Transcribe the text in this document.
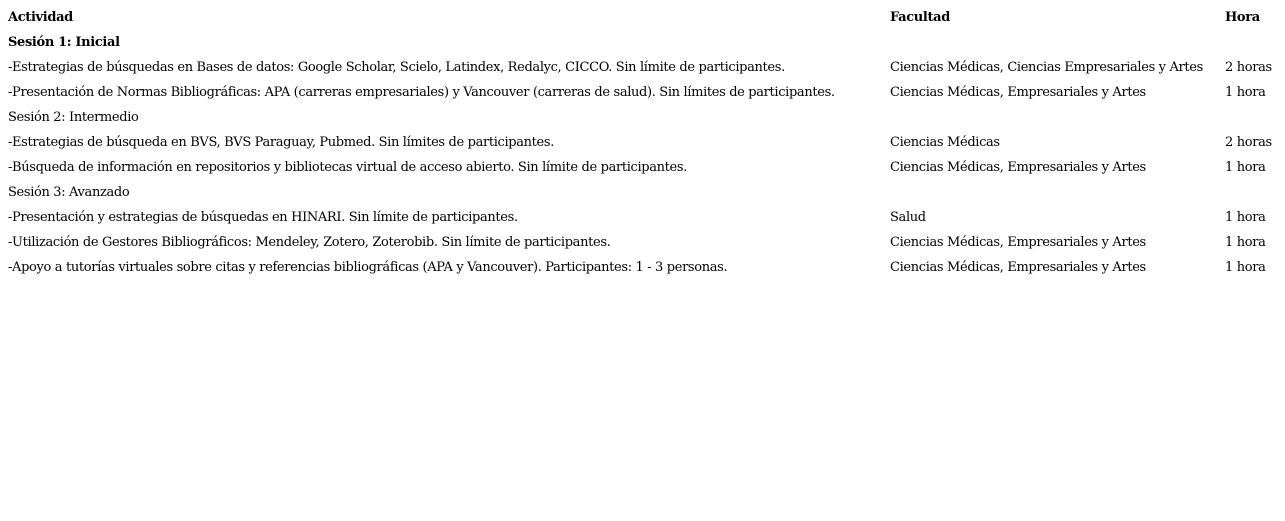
Actividad	Facultad	Hora
Sesión 1: Inicial		
-Estrategias de búsquedas en Bases de datos: Google Scholar, Scielo, Latindex, Redalyc, CICCO. Sin límite de participantes.	Ciencias Médicas, Ciencias Empresariales y Artes	2 horas
-Presentación de Normas Bibliográficas: APA (carreras empresariales) y Vancouver (carreras de salud). Sin límites de participantes.	Ciencias Médicas, Empresariales y Artes	1 hora
Sesión 2: Intermedio		
-Estrategias de búsqueda en BVS, BVS Paraguay, Pubmed. Sin límites de participantes.	Ciencias Médicas	2 horas
-Búsqueda de información en repositorios y bibliotecas virtual de acceso abierto. Sin límite de participantes.	Ciencias Médicas, Empresariales y Artes	1 hora
Sesión 3: Avanzado		
-Presentación y estrategias de búsquedas en HINARI. Sin límite de participantes.	Salud	1 hora
-Utilización de Gestores Bibliográficos: Mendeley, Zotero, Zoterobib. Sin límite de participantes.	Ciencias Médicas, Empresariales y Artes	1 hora
-Apoyo a tutorías virtuales sobre citas y referencias bibliográficas (APA y Vancouver). Participantes: 1 - 3 personas.	Ciencias Médicas, Empresariales y Artes	1 hora
